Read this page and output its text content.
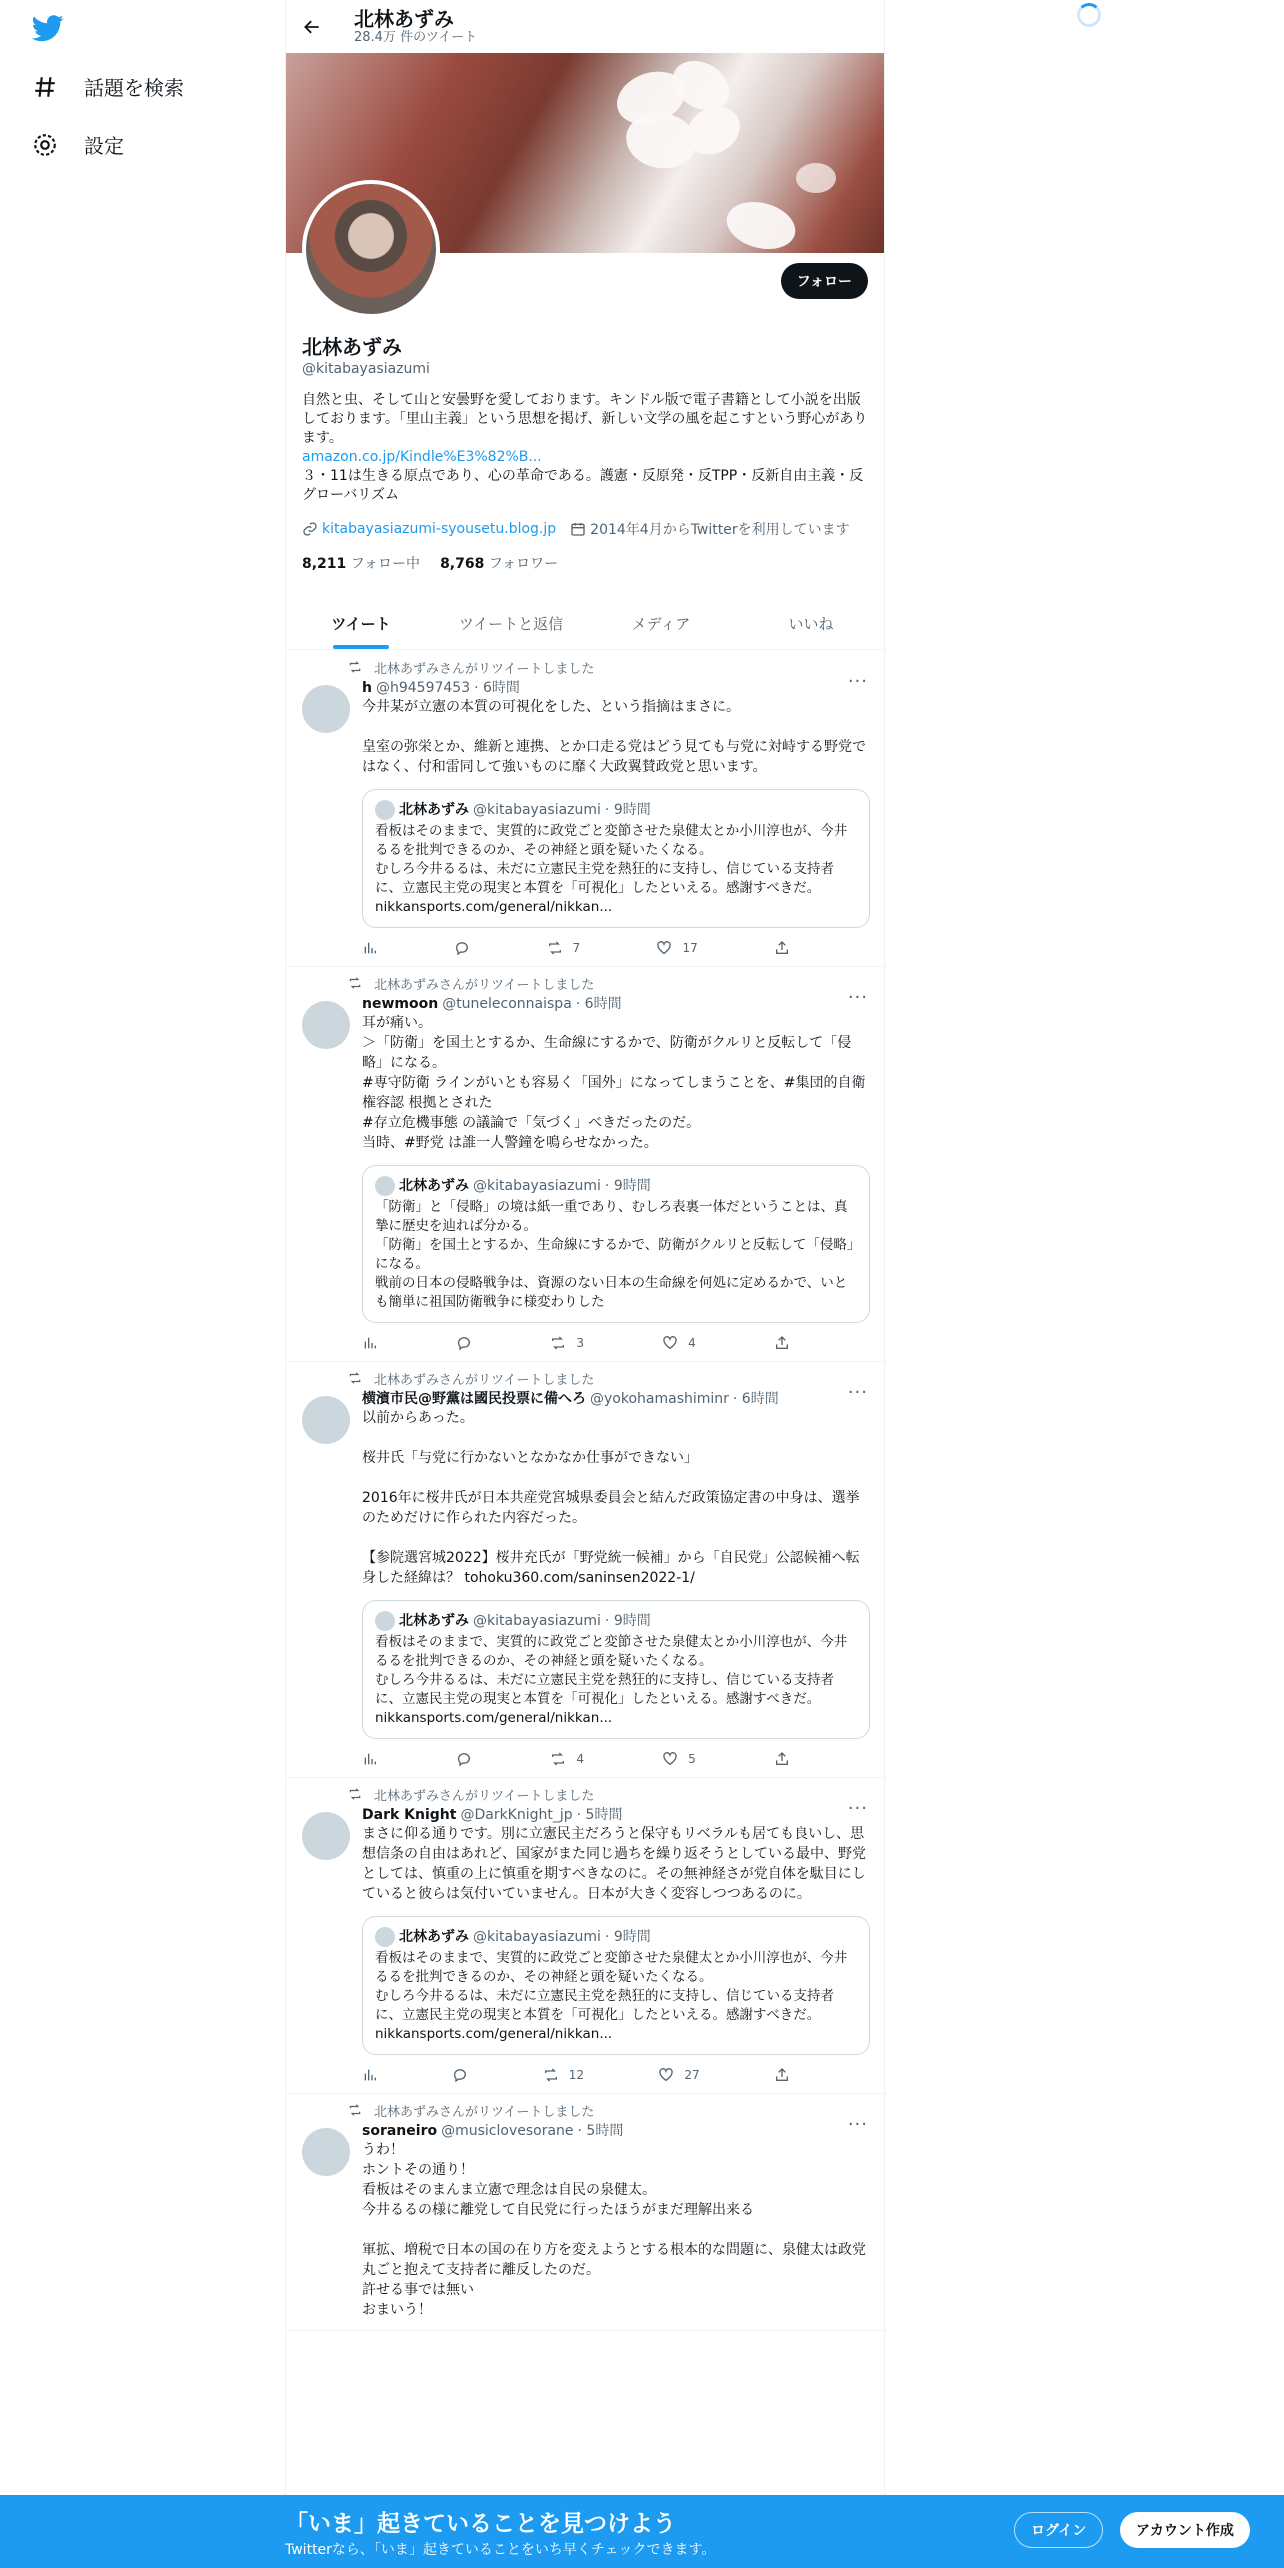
話題を検索
設定
北林あずみ
28.4万 件のツイート
フォロー
北林あずみ
@kitabayasiazumi
自然と虫、そして山と安曇野を愛しております。キンドル版で電子書籍として小説を出版しております。「里山主義」という思想を掲げ、新しい文学の風を起こすという野心があります。
amazon.co.jp/Kindle%E3%82%B...
３・11は生きる原点であり、心の革命である。護憲・反原発・反TPP・反新自由主義・反グローバリズム
kitabayasiazumi-syousetu.blog.jp 2014年4月からTwitterを利用しています
8,211 フォロー中 8,768 フォロワー
ツイート	ツイートと返信	メディア	いいね
北林あずみさんがリツイートしました
···
h @h94597453 · 6時間
今井某が立憲の本質の可視化をした、という指摘はまさに。

皇室の弥栄とか、維新と連携、とか口走る党はどう見ても与党に対峙する野党ではなく、付和雷同して強いものに靡く大政翼賛政党と思います。
北林あずみ @kitabayasiazumi · 9時間
看板はそのままで、実質的に政党ごと変節させた泉健太とか小川淳也が、今井るるを批判できるのか、その神経と頭を疑いたくなる。
むしろ今井るるは、未だに立憲民主党を熱狂的に支持し、信じている支持者に、立憲民主党の現実と本質を「可視化」したといえる。感謝すべきだ。
nikkansports.com/general/nikkan...
7	17
北林あずみさんがリツイートしました
···
newmoon @tuneleconnaispa · 6時間
耳が痛い。
＞「防衛」を国土とするか、生命線にするかで、防衛がクルリと反転して「侵略」になる。
#専守防衛 ラインがいとも容易く「国外」になってしまうことを、#集団的自衛権容認 根拠とされた
#存立危機事態 の議論で「気づく」べきだったのだ。
当時、#野党 は誰一人警鐘を鳴らせなかった。
北林あずみ @kitabayasiazumi · 9時間
「防衛」と「侵略」の境は紙一重であり、むしろ表裏一体だということは、真摯に歴史を辿れば分かる。
「防衛」を国土とするか、生命線にするかで、防衛がクルリと反転して「侵略」になる。
戦前の日本の侵略戦争は、資源のない日本の生命線を何処に定めるかで、いとも簡単に祖国防衛戦争に様変わりした
3	4
北林あずみさんがリツイートしました
···
横濱市民@野黨は國民投票に備へろ @yokohamashiminr · 6時間
以前からあった。

桜井氏「与党に行かないとなかなか仕事ができない」

2016年に桜井氏が日本共産党宮城県委員会と結んだ政策協定書の中身は、選挙のためだけに作られた内容だった。

【参院選宮城2022】桜井充氏が「野党統一候補」から「自民党」公認候補へ転身した経緯は？ tohoku360.com/saninsen2022-1/
北林あずみ @kitabayasiazumi · 9時間
看板はそのままで、実質的に政党ごと変節させた泉健太とか小川淳也が、今井るるを批判できるのか、その神経と頭を疑いたくなる。
むしろ今井るるは、未だに立憲民主党を熱狂的に支持し、信じている支持者に、立憲民主党の現実と本質を「可視化」したといえる。感謝すべきだ。
nikkansports.com/general/nikkan...
4	5
北林あずみさんがリツイートしました
···
Dark Knight @DarkKnight_jp · 5時間
まさに仰る通りです。別に立憲民主だろうと保守もリベラルも居ても良いし、思想信条の自由はあれど、国家がまた同じ過ちを繰り返そうとしている最中、野党としては、慎重の上に慎重を期すべきなのに。その無神経さが党自体を駄目にしていると彼らは気付いていません。日本が大きく変容しつつあるのに。
北林あずみ @kitabayasiazumi · 9時間
看板はそのままで、実質的に政党ごと変節させた泉健太とか小川淳也が、今井るるを批判できるのか、その神経と頭を疑いたくなる。
むしろ今井るるは、未だに立憲民主党を熱狂的に支持し、信じている支持者に、立憲民主党の現実と本質を「可視化」したといえる。感謝すべきだ。
nikkansports.com/general/nikkan...
12	27
北林あずみさんがリツイートしました
···
soraneiro @musiclovesorane · 5時間
うわ！
ホントその通り！
看板はそのまんま立憲で理念は自民の泉健太。
今井るるの様に離党して自民党に行ったほうがまだ理解出来る

軍拡、増税で日本の国の在り方を変えようとする根本的な問題に、泉健太は政党丸ごと抱えて支持者に離反したのだ。
許せる事では無い
おまいう！
「いま」起きていることを見つけよう
Twitterなら、「いま」起きていることをいち早くチェックできます。
ログイン	アカウント作成
